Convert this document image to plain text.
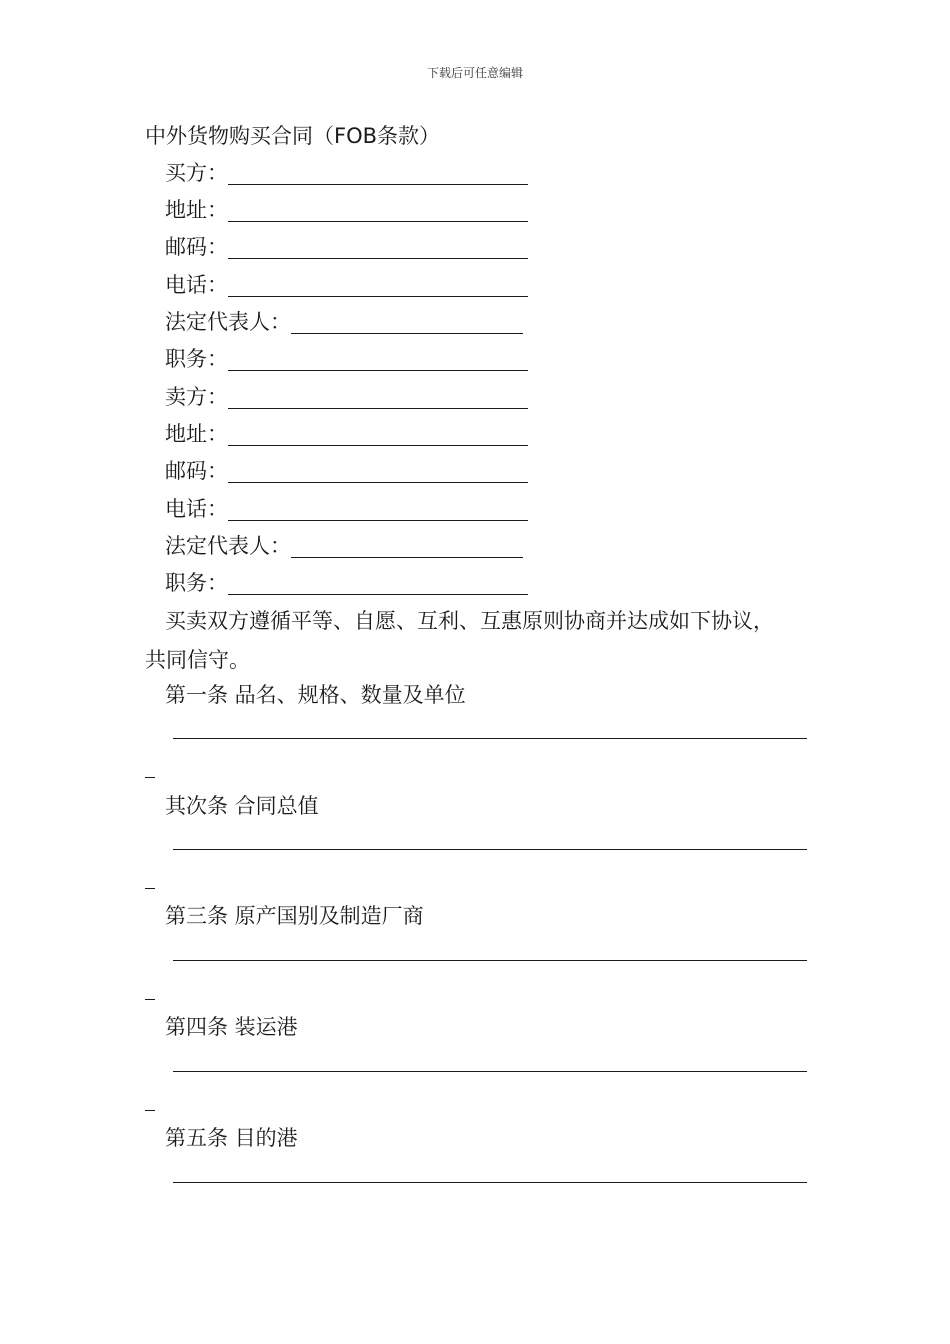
下载后可任意编辑
中外货物购买合同（FOB条款）
买方：
地址：
邮码：
电话：
法定代表人：
职务：
卖方：
地址：
邮码：
电话：
法定代表人：
职务：
买卖双方遵循平等、自愿、互利、互惠原则协商并达成如下协议，
共同信守。
第一条 品名、规格、数量及单位
其次条 合同总值
第三条 原产国别及制造厂商
第四条 装运港
第五条 目的港
